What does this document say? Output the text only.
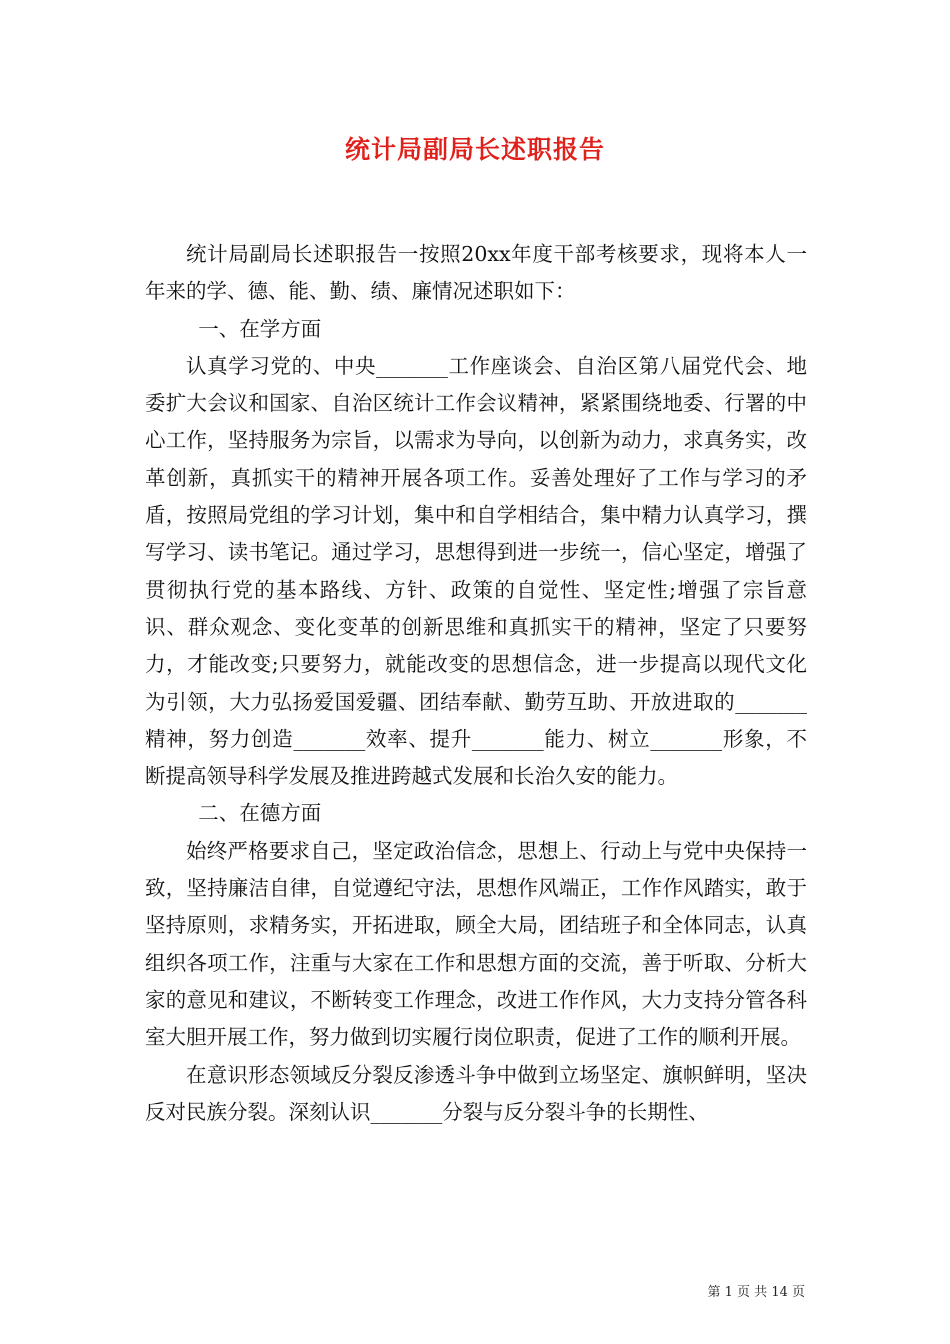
统计局副局长述职报告

统计局副局长述职报告一按照20xx年度干部考核要求，现将本人一年来的学、德、能、勤、绩、廉情况述职如下：

一、在学方面

认真学习党的、中央_______工作座谈会、自治区第八届党代会、地委扩大会议和国家、自治区统计工作会议精神，紧紧围绕地委、行署的中心工作，坚持服务为宗旨，以需求为导向，以创新为动力，求真务实，改革创新，真抓实干的精神开展各项工作。妥善处理好了工作与学习的矛盾，按照局党组的学习计划，集中和自学相结合，集中精力认真学习，撰写学习、读书笔记。通过学习，思想得到进一步统一，信心坚定，增强了贯彻执行党的基本路线、方针、政策的自觉性、坚定性;增强了宗旨意识、群众观念、变化变革的创新思维和真抓实干的精神，坚定了只要努力，才能改变;只要努力，就能改变的思想信念，进一步提高以现代文化为引领，大力弘扬爱国爱疆、团结奉献、勤劳互助、开放进取的_______精神，努力创造_______效率、提升_______能力、树立_______形象，不断提高领导科学发展及推进跨越式发展和长治久安的能力。

二、在德方面

始终严格要求自己，坚定政治信念，思想上、行动上与党中央保持一致，坚持廉洁自律，自觉遵纪守法，思想作风端正，工作作风踏实，敢于坚持原则，求精务实，开拓进取，顾全大局，团结班子和全体同志，认真组织各项工作，注重与大家在工作和思想方面的交流，善于听取、分析大家的意见和建议，不断转变工作理念，改进工作作风，大力支持分管各科室大胆开展工作，努力做到切实履行岗位职责，促进了工作的顺利开展。

在意识形态领域反分裂反渗透斗争中做到立场坚定、旗帜鲜明，坚决反对民族分裂。深刻认识_______分裂与反分裂斗争的长期性、

第 1 页 共 14 页
